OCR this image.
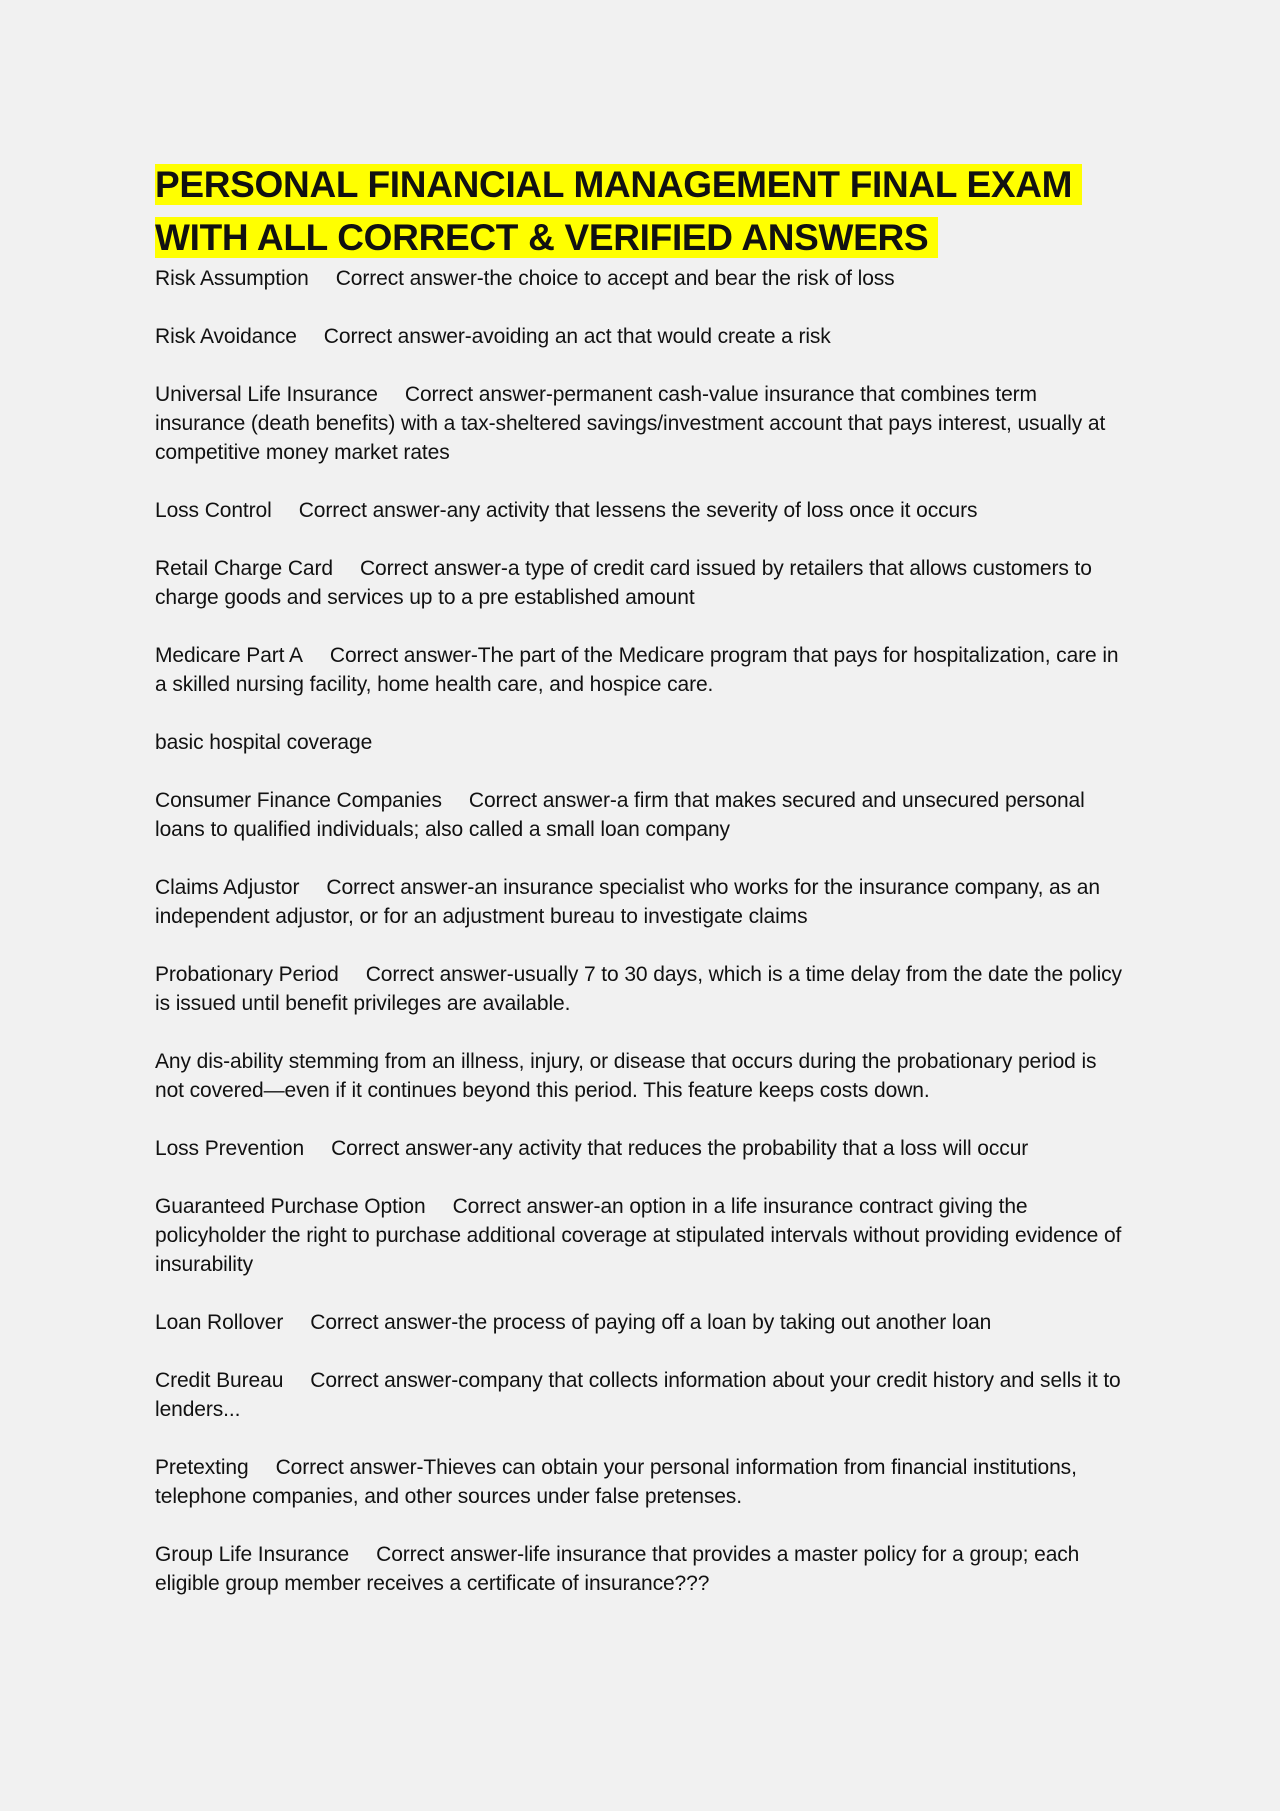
PERSONAL FINANCIAL MANAGEMENT FINAL EXAM
WITH ALL CORRECT & VERIFIED ANSWERS

Risk Assumption Correct answer-the choice to accept and bear the risk of loss

Risk Avoidance Correct answer-avoiding an act that would create a risk

Universal Life Insurance Correct answer-permanent cash-value insurance that combines term insurance (death benefits) with a tax-sheltered savings/investment account that pays interest, usually at competitive money market rates

Loss Control Correct answer-any activity that lessens the severity of loss once it occurs

Retail Charge Card Correct answer-a type of credit card issued by retailers that allows customers to charge goods and services up to a pre established amount

Medicare Part A Correct answer-The part of the Medicare program that pays for hospitalization, care in a skilled nursing facility, home health care, and hospice care.

basic hospital coverage

Consumer Finance Companies Correct answer-a firm that makes secured and unsecured personal loans to qualified individuals; also called a small loan company

Claims Adjustor Correct answer-an insurance specialist who works for the insurance company, as an independent adjustor, or for an adjustment bureau to investigate claims

Probationary Period Correct answer-usually 7 to 30 days, which is a time delay from the date the policy is issued until benefit privileges are available.

Any dis-ability stemming from an illness, injury, or disease that occurs during the probationary period is not covered—even if it continues beyond this period. This feature keeps costs down.

Loss Prevention Correct answer-any activity that reduces the probability that a loss will occur

Guaranteed Purchase Option Correct answer-an option in a life insurance contract giving the policyholder the right to purchase additional coverage at stipulated intervals without providing evidence of insurability

Loan Rollover Correct answer-the process of paying off a loan by taking out another loan

Credit Bureau Correct answer-company that collects information about your credit history and sells it to lenders...

Pretexting Correct answer-Thieves can obtain your personal information from financial institutions, telephone companies, and other sources under false pretenses.

Group Life Insurance Correct answer-life insurance that provides a master policy for a group; each eligible group member receives a certificate of insurance???
